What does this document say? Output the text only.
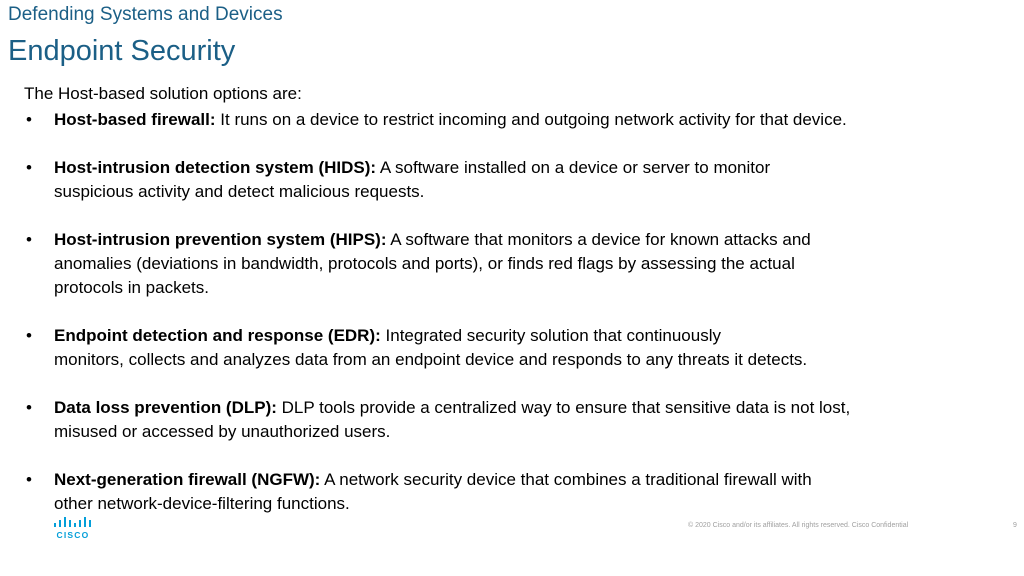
Defending Systems and Devices
Endpoint Security
The Host-based solution options are:
• Host-based firewall: It runs on a device to restrict incoming and outgoing network activity for that device.
• Host-intrusion detection system (HIDS): A software installed on a device or server to monitor
suspicious activity and detect malicious requests.
• Host-intrusion prevention system (HIPS): A software that monitors a device for known attacks and
anomalies (deviations in bandwidth, protocols and ports), or finds red flags by assessing the actual
protocols in packets.
• Endpoint detection and response (EDR): Integrated security solution that continuously
monitors, collects and analyzes data from an endpoint device and responds to any threats it detects.
• Data loss prevention (DLP): DLP tools provide a centralized way to ensure that sensitive data is not lost,
misused or accessed by unauthorized users.
• Next-generation firewall (NGFW): A network security device that combines a traditional firewall with
other network-device-filtering functions.
CISCO
© 2020 Cisco and/or its affiliates. All rights reserved. Cisco Confidential	9
